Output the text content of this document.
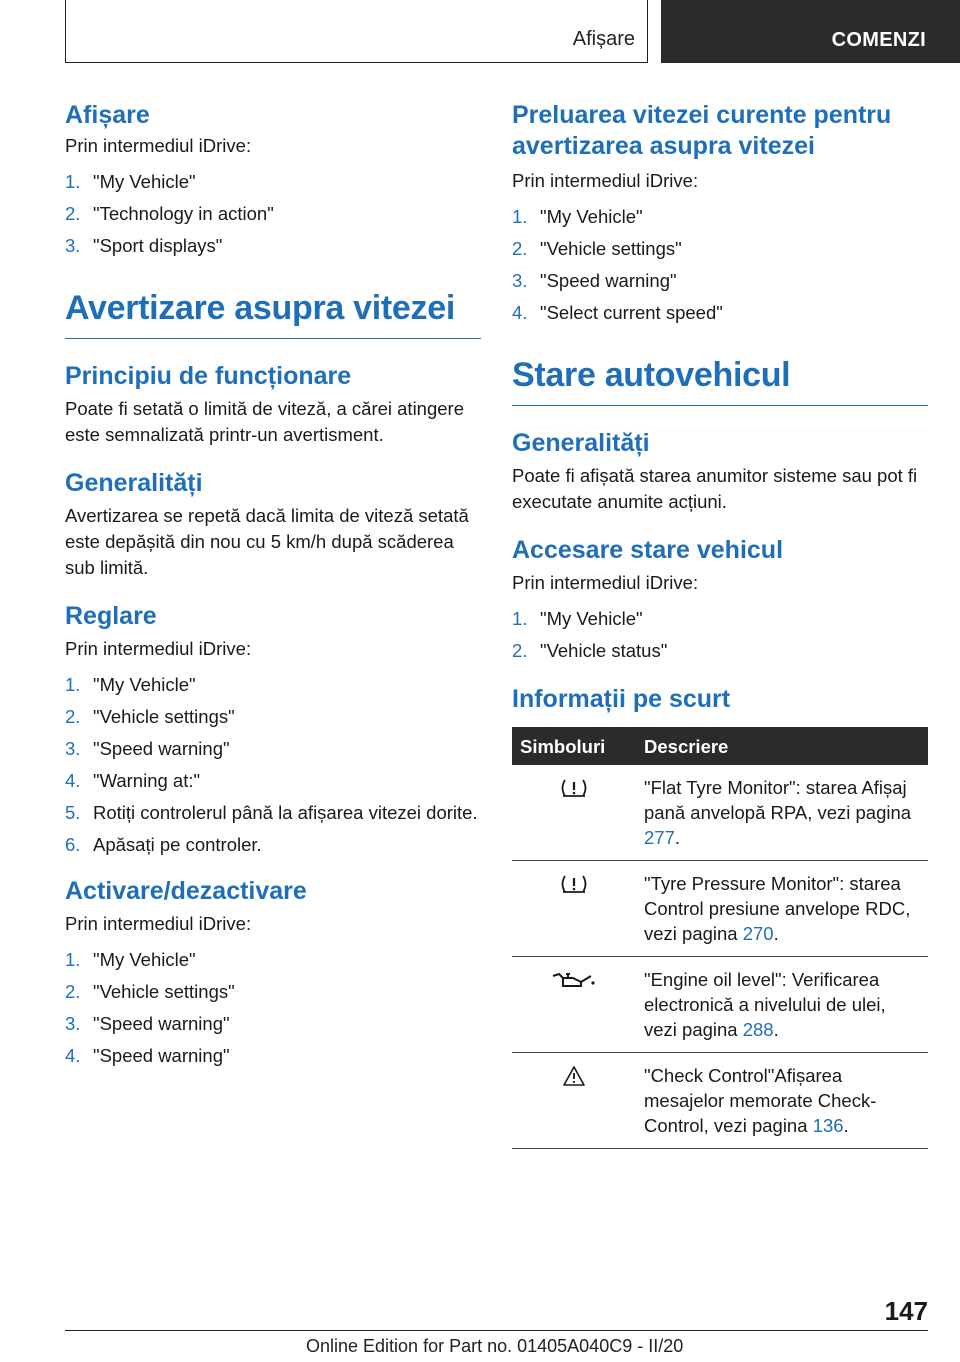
Afișare	COMENZI
Afișare

Prin intermediul iDrive:

1. "My Vehicle"
2. "Technology in action"
3. "Sport displays"
Avertizare asupra vitezei
Principiu de funcționare

Poate fi setată o limită de viteză, a cărei atingere este semnalizată printr-un avertisment.

Generalități

Avertizarea se repetă dacă limita de viteză setată este depășită din nou cu 5 km/h după scăderea sub limită.

Reglare

Prin intermediul iDrive:

1. "My Vehicle"
2. "Vehicle settings"
3. "Speed warning"
4. "Warning at:"
5. Rotiți controlerul până la afișarea vitezei dorite.
6. Apăsați pe controler.
Activare/dezactivare

Prin intermediul iDrive:

1. "My Vehicle"
2. "Vehicle settings"
3. "Speed warning"
4. "Speed warning"
Preluarea vitezei curente pentru avertizarea asupra vitezei

Prin intermediul iDrive:

1. "My Vehicle"
2. "Vehicle settings"
3. "Speed warning"
4. "Select current speed"
Stare autovehicul
Generalități

Poate fi afișată starea anumitor sisteme sau pot fi executate anumite acțiuni.

Accesare stare vehicul

Prin intermediul iDrive:

1. "My Vehicle"
2. "Vehicle status"
Informații pe scurt
Simboluri	Descriere
	"Flat Tyre Monitor": starea Afișaj pană anvelopă RPA, vezi pagina 277.
	"Tyre Pressure Monitor": starea Control presiune anvelope RDC, vezi pagina 270.
	"Engine oil level": Verificarea electronică a nivelului de ulei, vezi pagina 288.
	"Check Control"Afișarea mesajelor memorate Check-Control, vezi pagina 136.
147
Online Edition for Part no. 01405A040C9 - II/20
